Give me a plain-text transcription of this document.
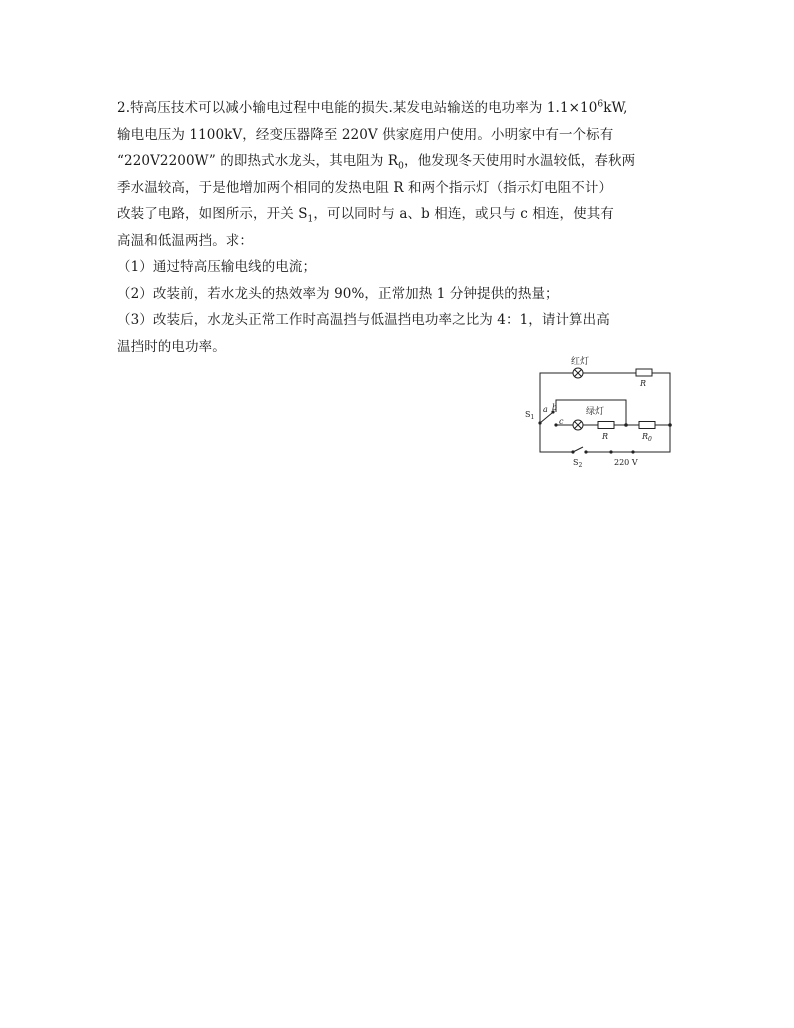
2.特高压技术可以减小输电过程中电能的损失.某发电站输送的电功率为 $1.1\times 10^6kW$,
输电电压为 1100kV，经变压器降至 220V 供家庭用户使用。小明家中有一个标有
“220V2200W” 的即热式水龙头，其电阻为 $R_0$，他发现冬天使用时水温较低，春秋两
季水温较高，于是他增加两个相同的发热电阻 R 和两个指示灯（指示灯电阻不计）
改装了电路，如图所示，开关 $S_1$，可以同时与 a、b 相连，或只与 c 相连，使其有
高温和低温两挡。求：
（1）通过特高压输电线的电流；
（2）改装前，若水龙头的热效率为 90%，正常加热 1 分钟提供的热量；
（3）改装后，水龙头正常工作时高温挡与低温挡电功率之比为 4：1，请计算出高
温挡时的电功率。
红灯
绿灯
R
R	$R_0$
$S_1$
a b
c
$S_2$	220 V
